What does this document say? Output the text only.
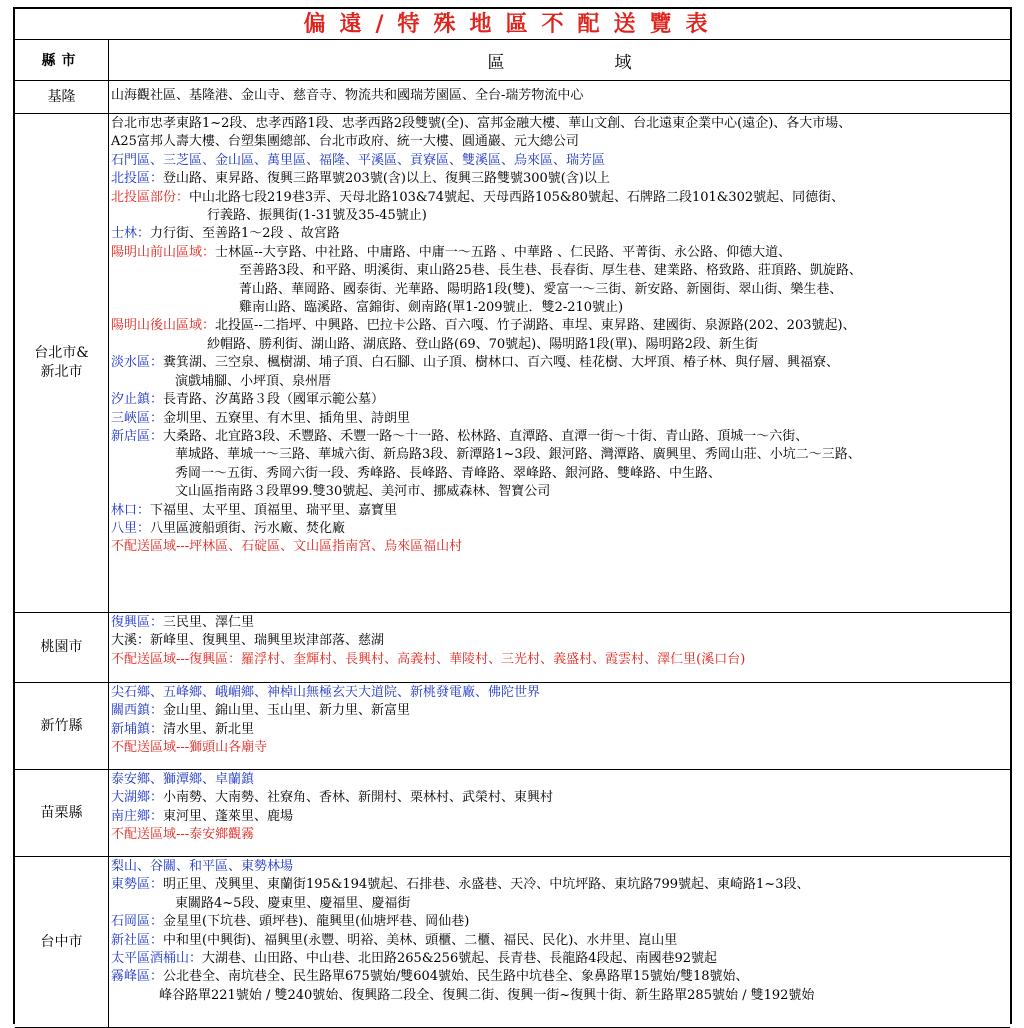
偏遠/特殊地區不配送覽表
縣市	區域
基隆	山海觀社區、基隆港、金山寺、慈音寺、物流共和國瑞芳園區、全台-瑞芳物流中心
台北市&
新北市
台北市忠孝東路1~2段、忠孝西路1段、忠孝西路2段雙號(全)、富邦金融大樓、華山文創、台北遠東企業中心(遠企)、各大市場、
A25富邦人壽大樓、台塑集團總部、台北市政府、統一大樓、圓通巖、元大總公司
石門區、三芝區、金山區、萬里區、福隆、平溪區、貢寮區、雙溪區、烏來區、瑞芳區
北投區：登山路、東昇路、復興三路單號203號(含)以上、復興三路雙號300號(含)以上
北投區部份：中山北路七段219巷3弄、天母北路103&74號起、天母西路105&80號起、石牌路二段101&302號起、同德街、
行義路、振興街(1-31號及35-45號止)
士林：力行街、至善路1～2段 、故宮路
陽明山前山區域：士林區--大亨路、中社路、中庸路、中庸一～五路 、中華路 、仁民路、平菁街、永公路、仰德大道、
至善路3段、和平路、明溪街、東山路25巷、長生巷、長春街、厚生巷、建業路、格致路、莊頂路、凱旋路、
菁山路、華岡路、國泰街、光華路、陽明路1段(雙)、愛富一～三街、新安路、新園街、翠山街、樂生巷、
雞南山路、臨溪路、富錦街、劍南路(單1-209號止．雙2-210號止)
陽明山後山區域：北投區--二指坪、中興路、巴拉卡公路、百六嘎、竹子湖路、車埕、東昇路、建國街、泉源路(202、203號起)、
紗帽路、勝利街、湖山路、湖底路、登山路(69、70號起)、陽明路1段(單)、陽明路2段、新生街
淡水區：糞箕湖、三空泉、楓樹湖、埔子頂、白石腳、山子頂、樹林口、百六嘎、桂花樹、大坪頂、椿子林、與仔層、興福寮、
演戲埔腳、小坪頂、泉州厝
汐止鎮：長青路、汐萬路３段（國軍示範公墓）
三峽區：金圳里、五寮里、有木里、插角里、詩朗里
新店區：大桑路、北宜路3段、禾豐路、禾豐一路～十一路、松林路、直潭路、直潭一街～十街、青山路、頂城一～六街、
華城路、華城一～三路、華城六街、新烏路3段、新潭路1~3段、銀河路、灣潭路、廣興里、秀岡山莊、小坑二～三路、
秀岡一～五街、秀岡六街一段、秀峰路、長峰路、青峰路、翠峰路、銀河路、雙峰路、中生路、
文山區指南路３段單99.雙30號起、美河市、挪威森林、智寶公司
林口：下福里、太平里、頂福里、瑞平里、嘉寶里
八里：八里區渡船頭街、污水廠、焚化廠
不配送區域---坪林區、石碇區、文山區指南宮、烏來區福山村
桃園市
復興區：三民里、澤仁里
大溪：新峰里、復興里、瑞興里崁津部落、慈湖
不配送區域---復興區：羅浮村、奎輝村、長興村、高義村、華陵村、三光村、義盛村、霞雲村、澤仁里(溪口台)
新竹縣
尖石鄉、五峰鄉、峨嵋鄉、神棹山無極玄天大道院、新桃發電廠、佛陀世界
關西鎮：金山里、錦山里、玉山里、新力里、新富里
新埔鎮：清水里、新北里
不配送區域---獅頭山各廟寺
苗栗縣
泰安鄉、獅潭鄉、卓蘭鎮
大湖鄉：小南勢、大南勢、社寮角、香林、新開村、栗林村、武榮村、東興村
南庄鄉：東河里、蓬萊里、鹿場
不配送區域---泰安鄉觀霧
台中市
梨山、谷關、和平區、東勢林場
東勢區：明正里、茂興里、東蘭街195&194號起、石排巷、永盛巷、天冷、中坑坪路、東坑路799號起、東崎路1~3段、
東關路4~5段、慶東里、慶福里、慶福街
石岡區：金星里(下坑巷、頭坪巷)、龍興里(仙塘坪巷、岡仙巷)
新社區：中和里(中興街)、福興里(永豐、明裕、美林、頭櫃、二櫃、福民、民化)、水井里、崑山里
太平區酒桶山：大湖巷、山田路、中山巷、北田路265&256號起、長青巷、長龍路4段起、南國巷92號起
霧峰區：公北巷全、南坑巷全、民生路單675號始/雙604號始、民生路中坑巷全、象鼻路單15號始/雙18號始、
峰谷路單221號始 / 雙240號始、復興路二段全、復興二街、復興一街~復興十街、新生路單285號始 / 雙192號始
